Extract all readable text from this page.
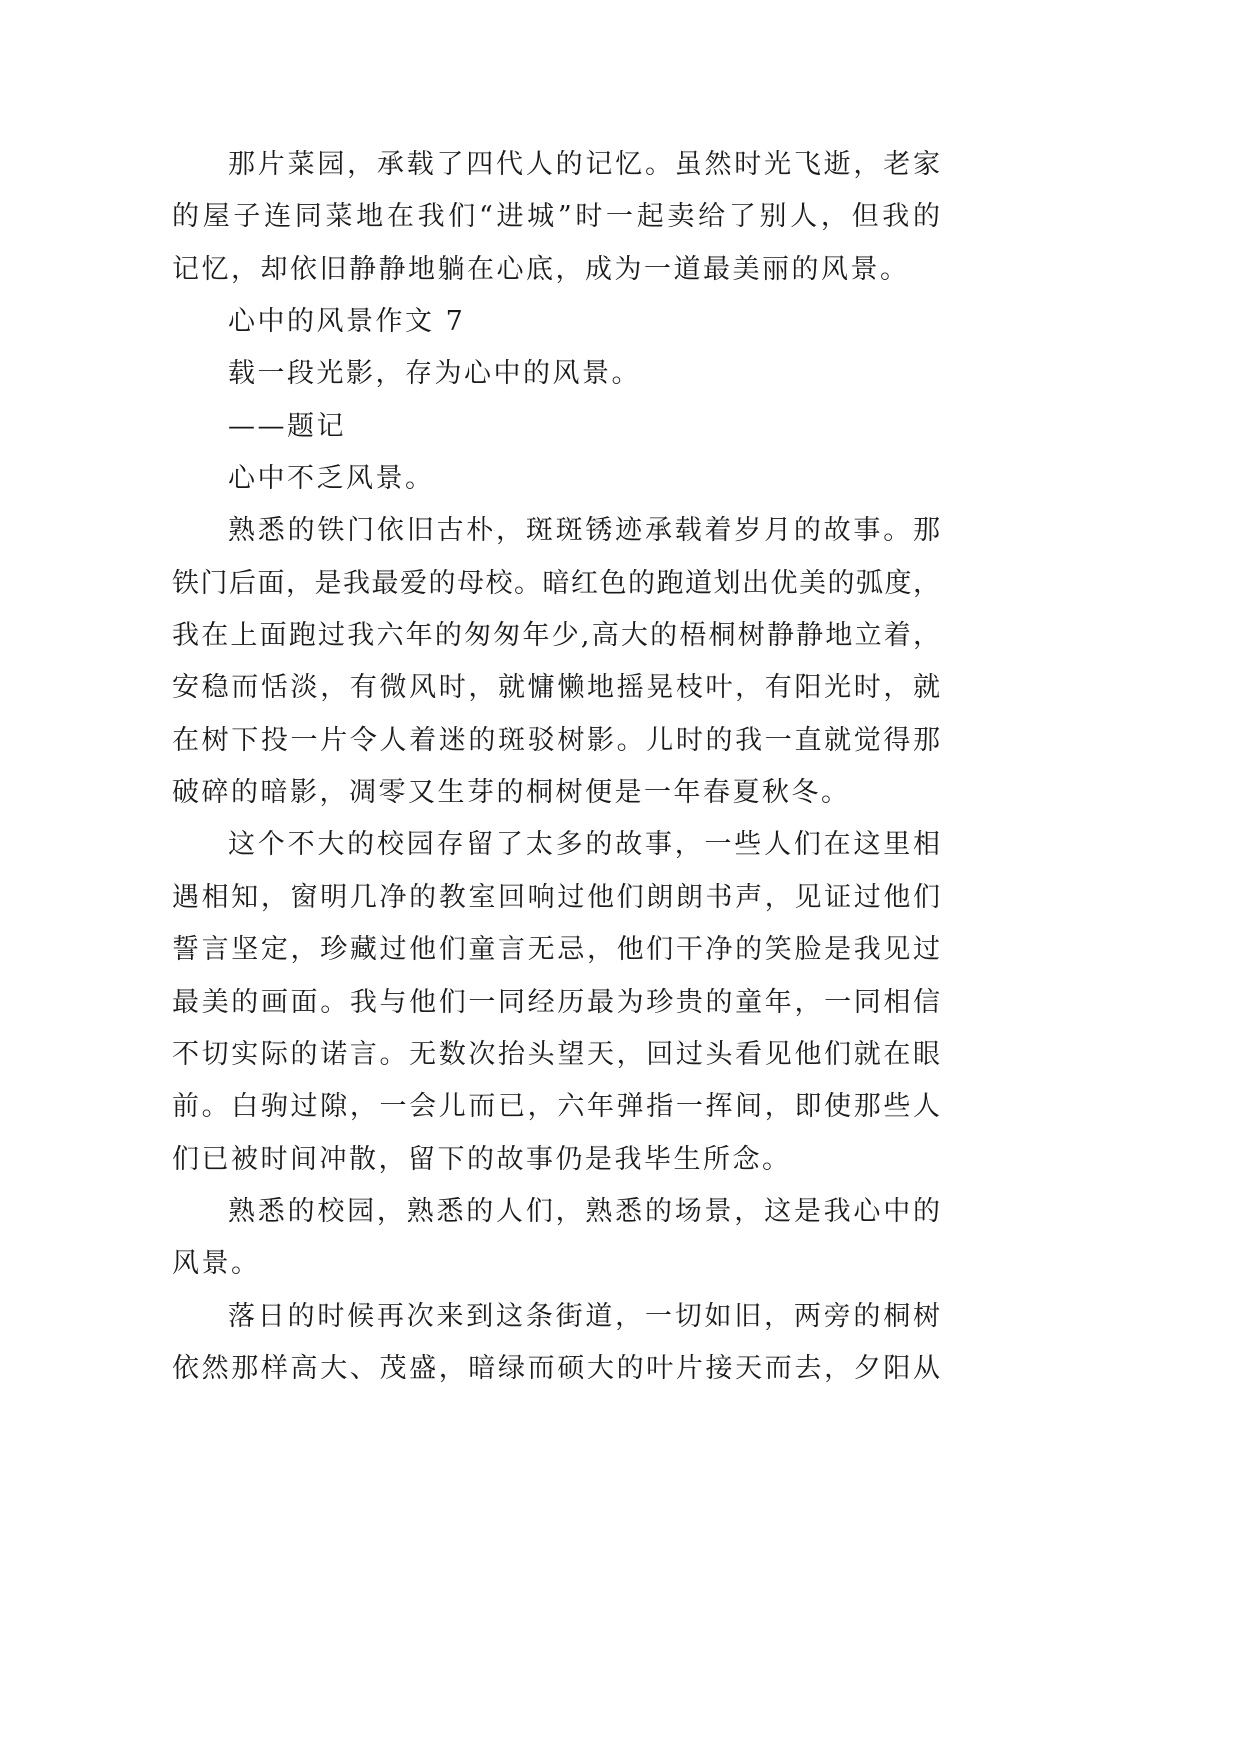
那片菜园，承载了四代人的记忆。虽然时光飞逝，老家
的屋子连同菜地在我们“进城”时一起卖给了别人，但我的
记忆，却依旧静静地躺在心底，成为一道最美丽的风景。
心中的风景作文 7
载一段光影，存为心中的风景。
——题记
心中不乏风景。
熟悉的铁门依旧古朴，斑斑锈迹承载着岁月的故事。那
铁门后面，是我最爱的母校。暗红色的跑道划出优美的弧度，
我在上面跑过我六年的匆匆年少,高大的梧桐树静静地立着，
安稳而恬淡，有微风时，就慵懒地摇晃枝叶，有阳光时，就
在树下投一片令人着迷的斑驳树影。儿时的我一直就觉得那
破碎的暗影，凋零又生芽的桐树便是一年春夏秋冬。
这个不大的校园存留了太多的故事，一些人们在这里相
遇相知，窗明几净的教室回响过他们朗朗书声，见证过他们
誓言坚定，珍藏过他们童言无忌，他们干净的笑脸是我见过
最美的画面。我与他们一同经历最为珍贵的童年，一同相信
不切实际的诺言。无数次抬头望天，回过头看见他们就在眼
前。白驹过隙，一会儿而已，六年弹指一挥间，即使那些人
们已被时间冲散，留下的故事仍是我毕生所念。
熟悉的校园，熟悉的人们，熟悉的场景，这是我心中的
风景。
落日的时候再次来到这条街道，一切如旧，两旁的桐树
依然那样高大、茂盛，暗绿而硕大的叶片接天而去，夕阳从
